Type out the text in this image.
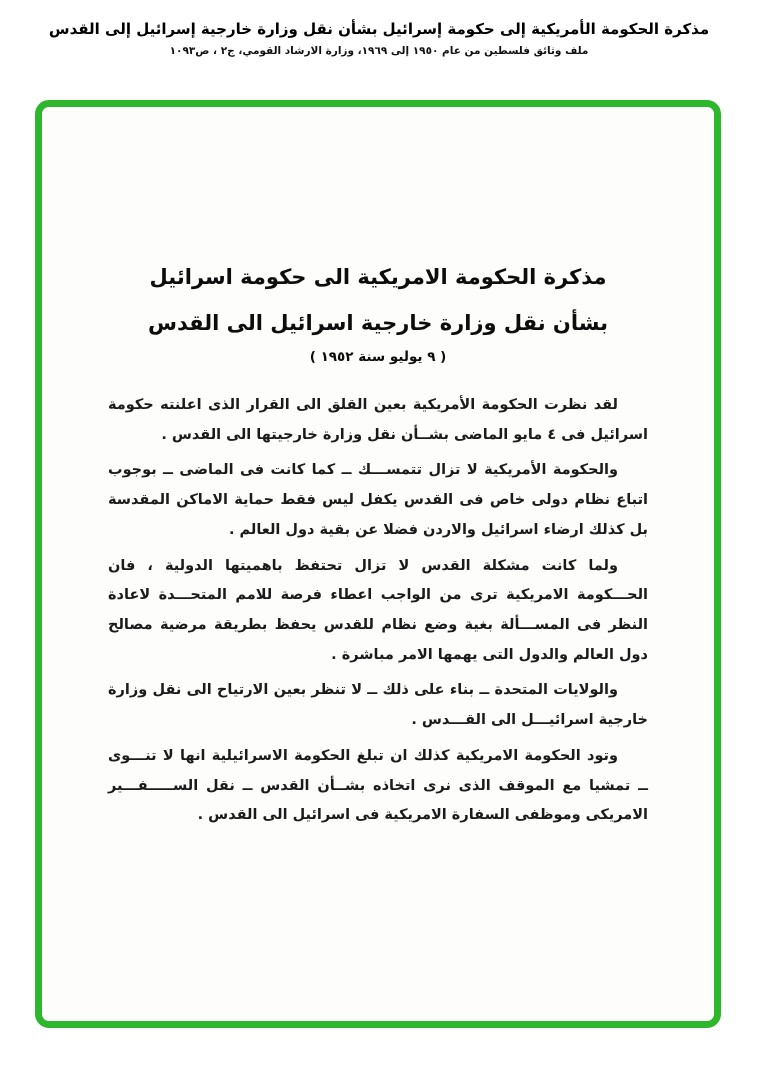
مذكرة الحكومة الأمريكية إلى حكومة إسرائيل بشأن نقل وزارة خارجية إسرائيل إلى القدس
ملف وثائق فلسطين من عام ١٩٥٠ إلى ١٩٦٩، وزارة الارشاد القومي، ج٢ ، ص١٠٩٣
مذكرة الحكومة الامريكية الى حكومة اسرائيل
بشأن نقل وزارة خارجية اسرائيل الى القدس
( ٩ يوليو سنة ١٩٥٢ )

لقد نظرت الحكومة الأمريكية بعين القلق الى القرار الذى اعلنته حكومة اسرائيل فى ٤ مايو الماضى بشــأن نقل وزارة خارجيتها الى القدس .

والحكومة الأمريكية لا تزال تتمســـك ــ كما كانت فى الماضى ــ بوجوب اتباع نظام دولى خاص فى القدس يكفل ليس فقط حماية الاماكن المقدسة بل كذلك ارضاء اسرائيل والاردن فضلا عن بقية دول العالم .

ولما كانت مشكلة القدس لا تزال تحتفظ باهميتها الدولية ، فان الحـــكومة الامريكية ترى من الواجب اعطاء فرصة للامم المتحـــدة لاعادة النظر فى المســـألة بغية وضع نظام للقدس يحفظ بطريقة مرضية مصالح دول العالم والدول التى يهمها الامر مباشرة .

والولايات المتحدة ــ بناء على ذلك ــ لا تنظر بعين الارتياح الى نقل وزارة خارجية اسرائيـــل الى القـــدس .

وتود الحكومة الامريكية كذلك ان تبلغ الحكومة الاسرائيلية انها لا تنـــوى ــ تمشيا مع الموقف الذى نرى اتخاذه بشــأن القدس ــ نقل الســـــفـــير الامريكى وموظفى السفارة الامريكية فى اسرائيل الى القدس .
